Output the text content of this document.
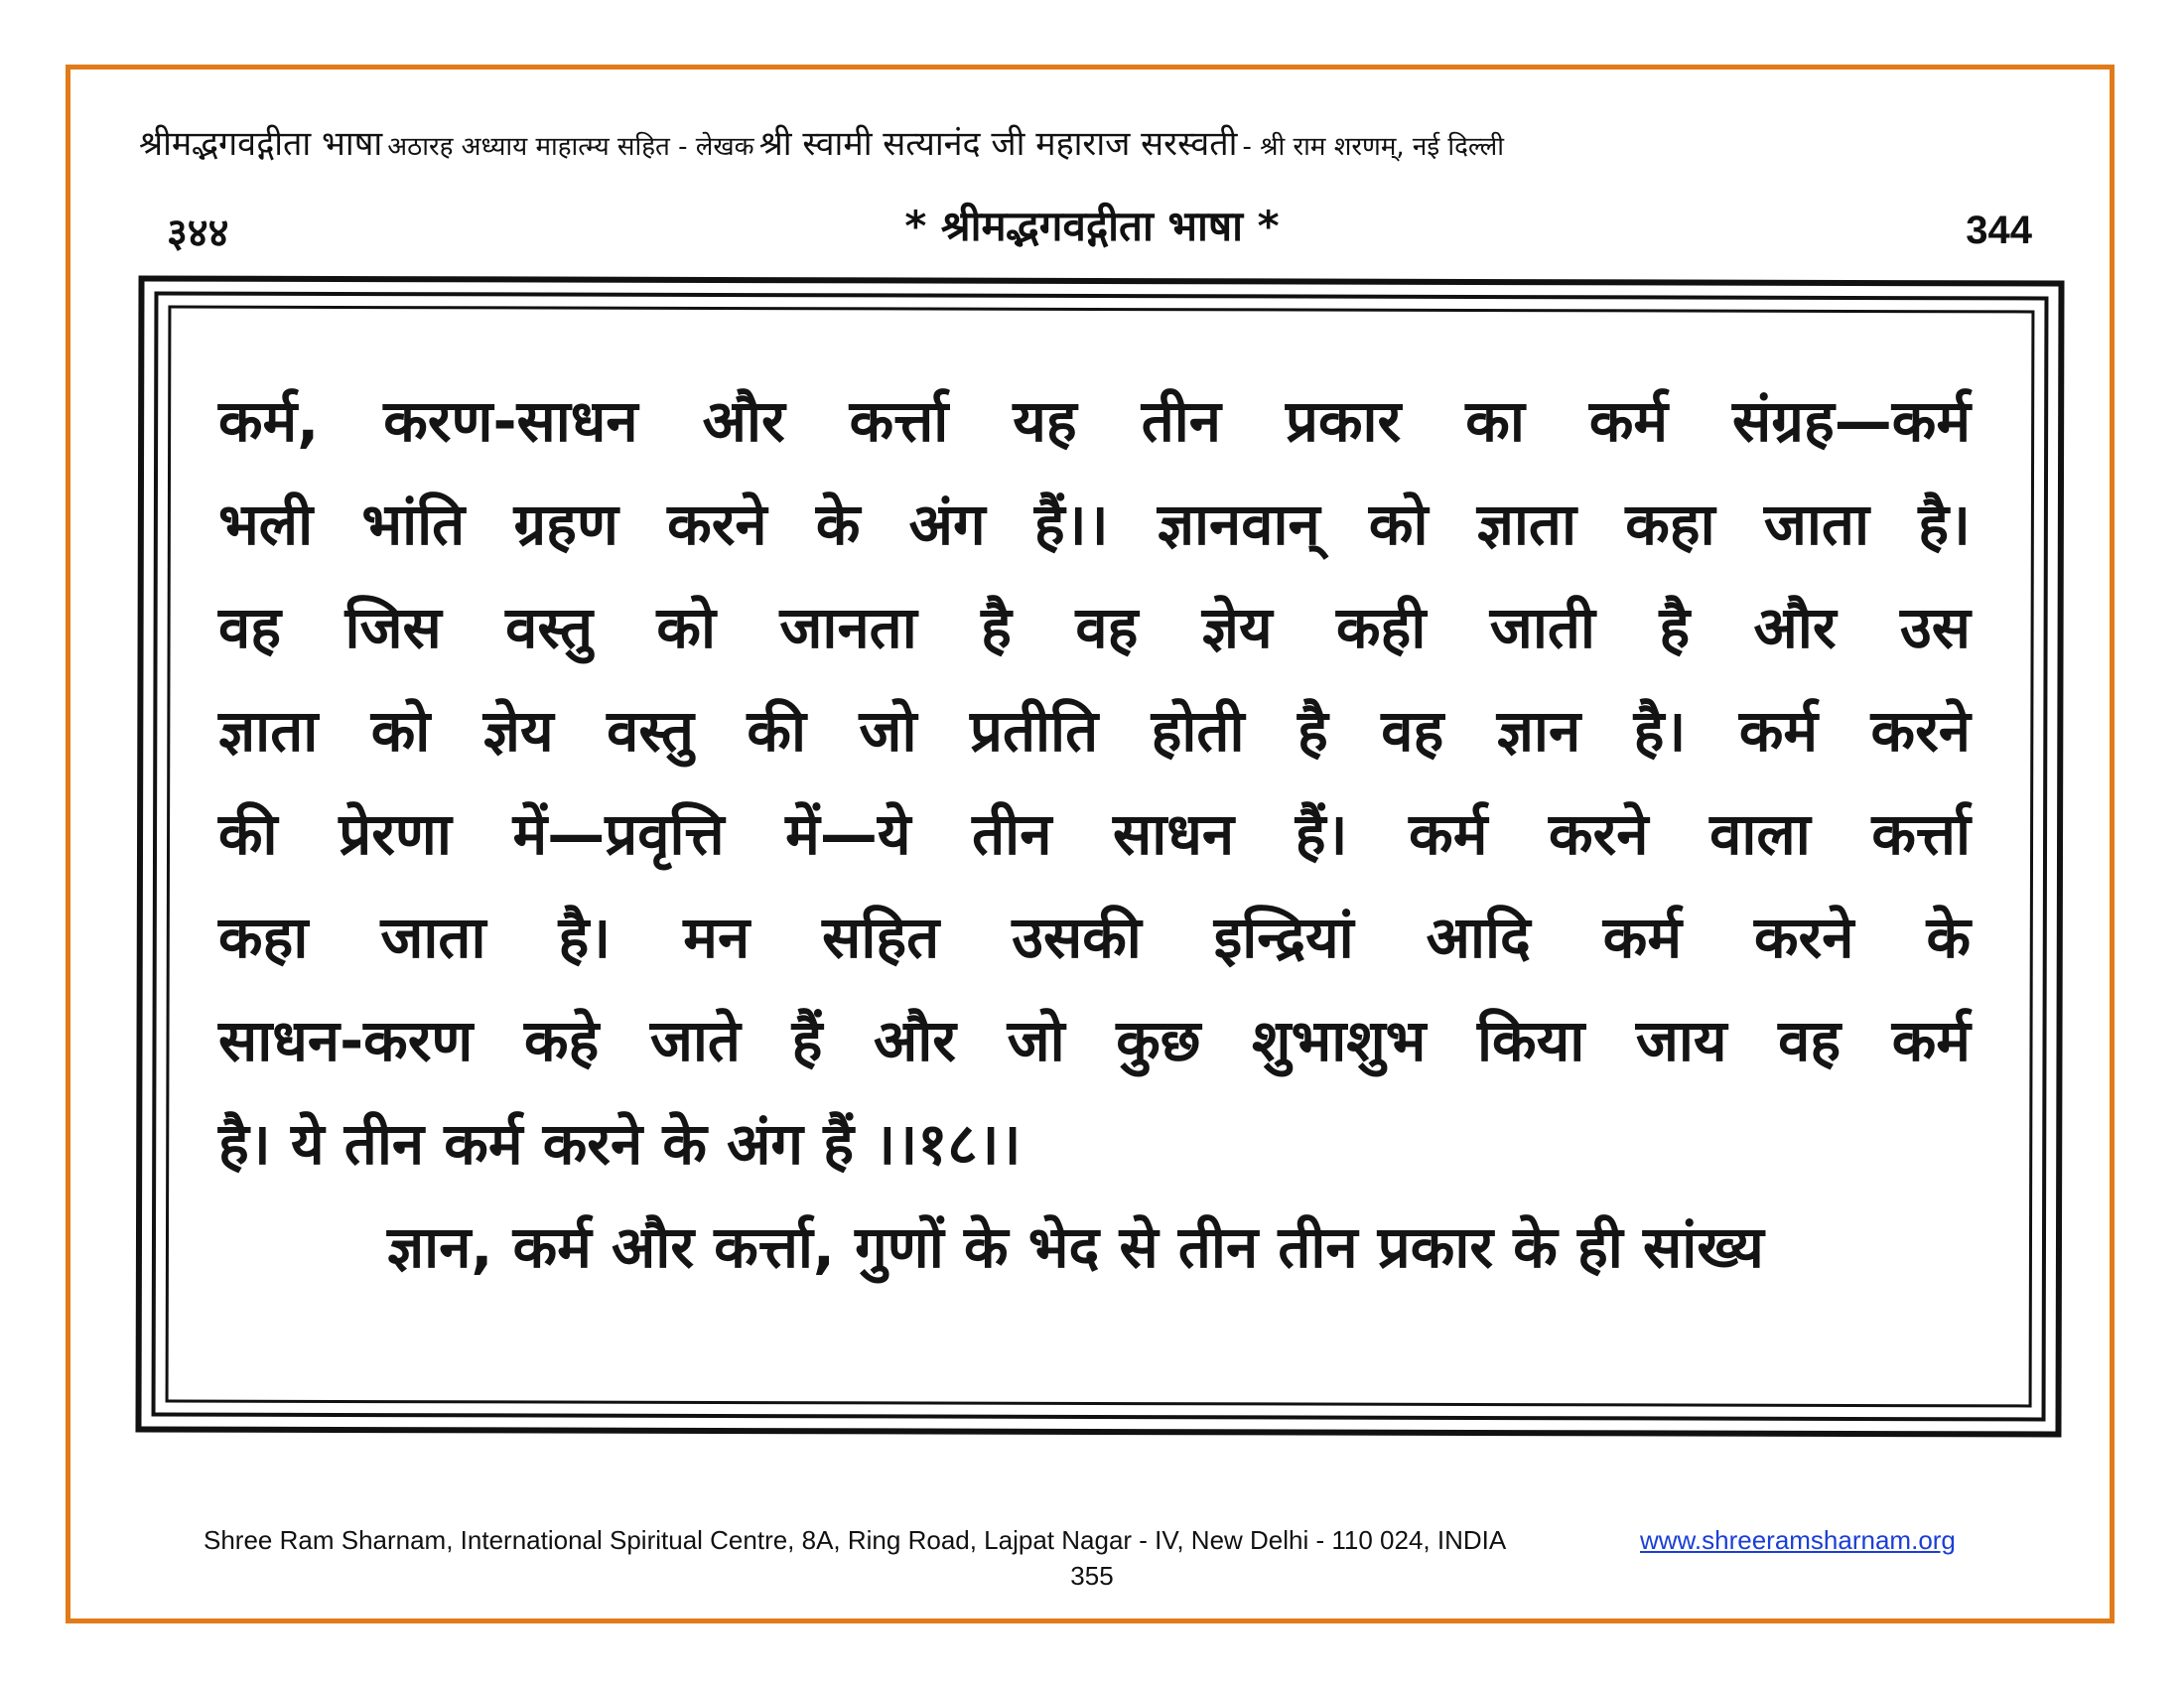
श्रीमद्भगवद्गीता भाषा अठारह अध्याय माहात्म्य सहित - लेखक श्री स्वामी सत्यानंद जी महाराज सरस्वती - श्री राम शरणम्, नई दिल्ली
३४४	* श्रीमद्भगवद्गीता भाषा *	344
कर्म, करण-साधन और कर्त्ता यह तीन प्रकार का कर्म संग्रह—कर्म
भली भांति ग्रहण करने के अंग हैं।। ज्ञानवान् को ज्ञाता कहा जाता है।
वह जिस वस्तु को जानता है वह ज्ञेय कही जाती है और उस
ज्ञाता को ज्ञेय वस्तु की जो प्रतीति होती है वह ज्ञान है। कर्म करने
की प्रेरणा में—प्रवृत्ति में—ये तीन साधन हैं। कर्म करने वाला कर्त्ता
कहा जाता है। मन सहित उसकी इन्द्रियां आदि कर्म करने के
साधन-करण कहे जाते हैं और जो कुछ शुभाशुभ किया जाय वह कर्म
है। ये तीन कर्म करने के अंग हैं ।।१८।।
ज्ञान, कर्म और कर्त्ता, गुणों के भेद से तीन तीन प्रकार के ही सांख्य
Shree Ram Sharnam, International Spiritual Centre, 8A, Ring Road, Lajpat Nagar - IV, New Delhi - 110 024, INDIA	www.shreeramsharnam.org
355
